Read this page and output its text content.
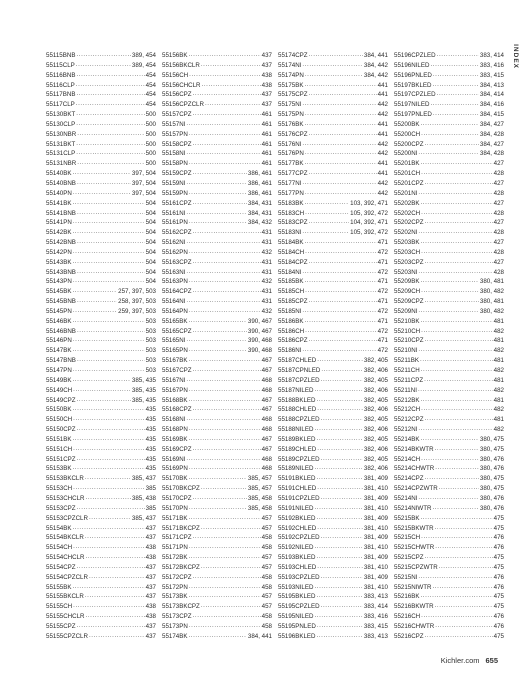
INDEX
55115BNB .....	389, 454
55115CLP .....	389, 454
55116BNB .....	454
55116CLP .....	454
55117BNB .....	454
55117CLP .....	454
55130BKT .....	500
55130CLP .....	500
55130NBR .....	500
55131BKT .....	500
55131CLP .....	500
55131NBR .....	500
55140BK .....	397, 504
55140BNB .....	397, 504
55140PN .....	397, 504
55141BK .....	504
55141BNB .....	504
55141PN .....	504
55142BK .....	504
55142BNB .....	504
55142PN .....	504
55143BK .....	504
55143BNB .....	504
55143PN .....	504
55145BK .....	257, 397, 503
55145BNB .....	258, 397, 503
55145PN .....	259, 397, 503
55146BK .....	503
55146BNB .....	503
55146PN .....	503
55147BK .....	503
55147BNB .....	503
55147PN .....	503
55149BK .....	385, 435
55149CH .....	385, 435
55149CPZ .....	385, 435
55150BK .....	435
55150CH .....	435
55150CPZ .....	435
55151BK .....	435
55151CH .....	435
55151CPZ .....	435
55153BK .....	435
55153BKCLR .....	385, 437
55153CH .....	385
55153CHCLR .....	385, 438
55153CPZ .....	385
55153CPZCLR .....	385, 437
55154BK .....	437
55154BKCLR .....	437
55154CH .....	438
55154CHCLR .....	438
55154CPZ .....	437
55154CPZCLR .....	437
55155BK .....	437
55155BKCLR .....	437
55155CH .....	438
55155CHCLR .....	438
55155CPZ .....	437
55155CPZCLR .....	437
55156BK .....	437
55156BKCLR .....	437
55156CH .....	438
55156CHCLR .....	438
55156CPZ .....	437
55156CPZCLR .....	437
55157CPZ .....	461
55157NI .....	461
55157PN .....	461
55158CPZ .....	461
55158NI .....	461
55158PN .....	461
55159CPZ .....	386, 461
55159NI .....	386, 461
55159PN .....	386, 461
55161CPZ .....	384, 431
55161NI .....	384, 431
55161PN .....	384, 432
55162CPZ .....	431
55162NI .....	431
55162PN .....	432
55163CPZ .....	431
55163NI .....	431
55163PN .....	432
55164CPZ .....	431
55164NI .....	431
55164PN .....	432
55165BK .....	390, 467
55165CPZ .....	390, 467
55165NI .....	390, 468
55165PN .....	390, 468
55167BK .....	467
55167CPZ .....	467
55167NI .....	468
55167PN .....	468
55168BK .....	467
55168CPZ .....	467
55168NI .....	468
55168PN .....	468
55169BK .....	467
55169CPZ .....	467
55169NI .....	468
55169PN .....	468
55170BK .....	385, 457
55170BKCPZ .....	385, 457
55170CPZ .....	385, 458
55170PN .....	385, 458
55171BK .....	457
55171BKCPZ .....	457
55171CPZ .....	458
55171PN .....	458
55172BK .....	457
55172BKCPZ .....	457
55172CPZ .....	458
55172PN .....	458
55173BK .....	457
55173BKCPZ .....	457
55173CPZ .....	458
55173PN .....	458
55174BK .....	384, 441
55174CPZ .....	384, 441
55174NI .....	384, 442
55174PN .....	384, 442
55175BK .....	441
55175CPZ .....	441
55175NI .....	442
55175PN .....	442
55176BK .....	441
55176CPZ .....	441
55176NI .....	442
55176PN .....	442
55177BK .....	441
55177CPZ .....	441
55177NI .....	442
55177PN .....	442
55183BK .....	103, 392, 471
55183CH .....	105, 392, 472
55183CPZ .....	104, 392, 471
55183NI .....	105, 392, 472
55184BK .....	471
55184CH .....	472
55184CPZ .....	471
55184NI .....	472
55185BK .....	471
55185CH .....	472
55185CPZ .....	471
55185NI .....	472
55186BK .....	471
55186CH .....	472
55186CPZ .....	471
55186NI .....	472
55187CHLED .....	382, 405
55187CPNLED .....	382, 406
55187CPZLED .....	382, 405
55187NILED .....	382, 406
55188BKLED .....	382, 405
55188CHLED .....	382, 406
55188CPZLED .....	382, 405
55188NILED .....	382, 406
55189BKLED .....	382, 405
55189CHLED .....	382, 406
55189CPZLED .....	382, 405
55189NILED .....	382, 406
55191BKLED .....	381, 409
55191CHLED .....	381, 410
55191CPZLED .....	381, 409
55191NILED .....	381, 410
55192BKLED .....	381, 409
55192CHLED .....	381, 410
55192CPZLED .....	381, 409
55192NILED .....	381, 410
55193BKLED .....	381, 409
55193CHLED .....	381, 410
55193CPZLED .....	381, 409
55193NILED .....	381, 410
55195BKLED .....	383, 413
55195CPZLED .....	383, 414
55195NILED .....	383, 416
55195PNLED .....	383, 415
55196BKLED .....	383, 413
55196CPZLED .....	383, 414
55196NILED .....	383, 416
55196PNLED .....	383, 415
55197BKLED .....	384, 413
55197CPZLED .....	384, 414
55197NILED .....	384, 416
55197PNLED .....	384, 415
55200BK .....	384, 427
55200CH .....	384, 428
55200CPZ .....	384, 427
55200NI .....	384, 428
55201BK .....	427
55201CH .....	428
55201CPZ .....	427
55201NI .....	428
55202BK .....	427
55202CH .....	428
55202CPZ .....	427
55202NI .....	428
55203BK .....	427
55203CH .....	428
55203CPZ .....	427
55203NI .....	428
55209BK .....	380, 481
55209CH .....	380, 482
55209CPZ .....	380, 481
55209NI .....	380, 482
55210BK .....	481
55210CH .....	482
55210CPZ .....	481
55210NI .....	482
55211BK .....	481
55211CH .....	482
55211CPZ .....	481
55211NI .....	482
55212BK .....	481
55212CH .....	482
55212CPZ .....	481
55212NI .....	482
55214BK .....	380, 475
55214BKWTR .....	380, 475
55214CH .....	380, 476
55214CHWTR .....	380, 476
55214CPZ .....	380, 475
55214CPZWTR .....	380, 475
55214NI .....	380, 476
55214NIWTR .....	380, 476
55215BK .....	475
55215BKWTR .....	475
55215CH .....	476
55215CHWTR .....	476
55215CPZ .....	475
55215CPZWTR .....	475
55215NI .....	476
55215NIWTR .....	476
55216BK .....	475
55216BKWTR .....	475
55216CH .....	476
55216CHWTR .....	476
55216CPZ .....	475
Kichler.com 655
